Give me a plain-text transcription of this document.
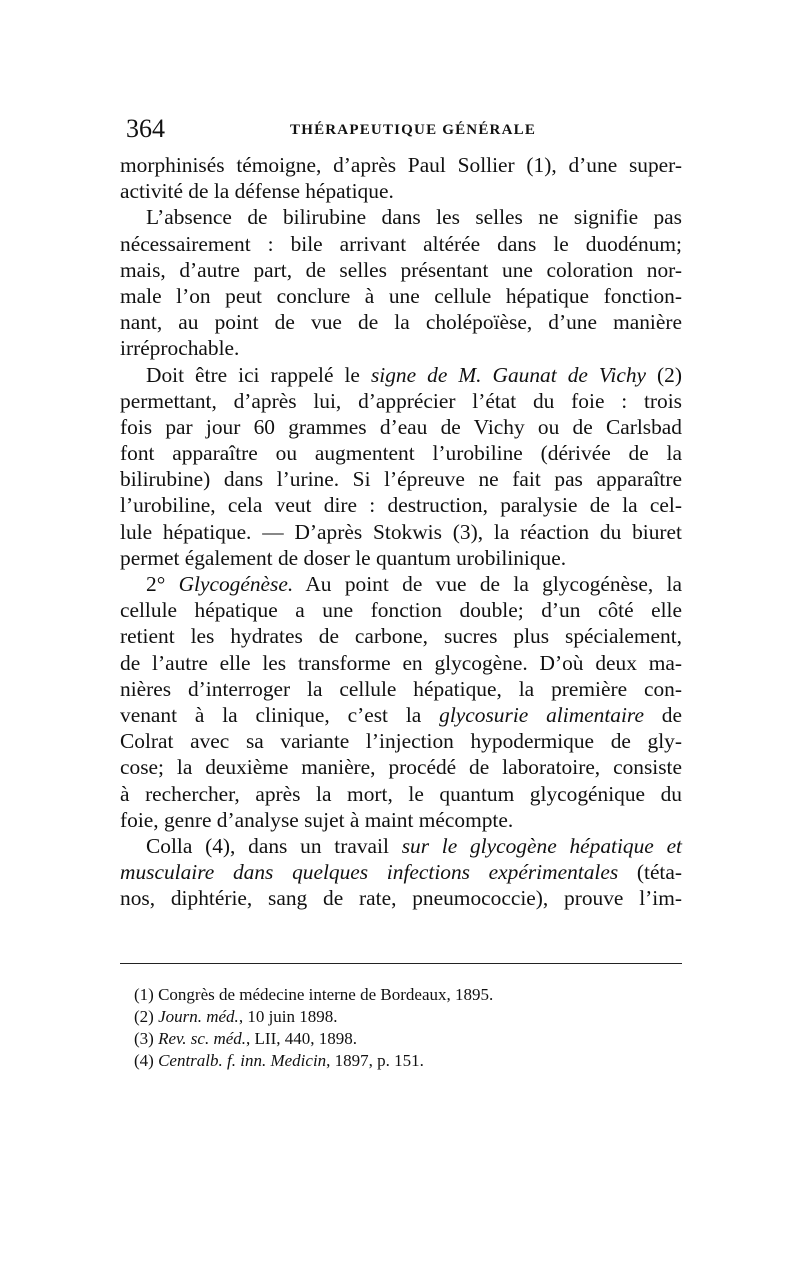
364	THÉRAPEUTIQUE GÉNÉRALE
morphinisés témoigne, d’après Paul Sollier (1), d’une super-
activité de la défense hépatique.
L’absence de bilirubine dans les selles ne signifie pas
nécessairement : bile arrivant altérée dans le duodénum;
mais, d’autre part, de selles présentant une coloration nor-
male l’on peut conclure à une cellule hépatique fonction-
nant, au point de vue de la cholépoïèse, d’une manière
irréprochable.
Doit être ici rappelé le signe de M. Gaunat de Vichy (2)
permettant, d’après lui, d’apprécier l’état du foie : trois
fois par jour 60 grammes d’eau de Vichy ou de Carlsbad
font apparaître ou augmentent l’urobiline (dérivée de la
bilirubine) dans l’urine. Si l’épreuve ne fait pas apparaître
l’urobiline, cela veut dire : destruction, paralysie de la cel-
lule hépatique. — D’après Stokwis (3), la réaction du biuret
permet également de doser le quantum urobilinique.
2° Glycogénèse. Au point de vue de la glycogénèse, la
cellule hépatique a une fonction double; d’un côté elle
retient les hydrates de carbone, sucres plus spécialement,
de l’autre elle les transforme en glycogène. D’où deux ma-
nières d’interroger la cellule hépatique, la première con-
venant à la clinique, c’est la glycosurie alimentaire de
Colrat avec sa variante l’injection hypodermique de gly-
cose; la deuxième manière, procédé de laboratoire, consiste
à rechercher, après la mort, le quantum glycogénique du
foie, genre d’analyse sujet à maint mécompte.
Colla (4), dans un travail sur le glycogène hépatique et
musculaire dans quelques infections expérimentales (téta-
nos, diphtérie, sang de rate, pneumococcie), prouve l’im-
(1) Congrès de médecine interne de Bordeaux, 1895.
(2) Journ. méd., 10 juin 1898.
(3) Rev. sc. méd., LII, 440, 1898.
(4) Centralb. f. inn. Medicin, 1897, p. 151.
